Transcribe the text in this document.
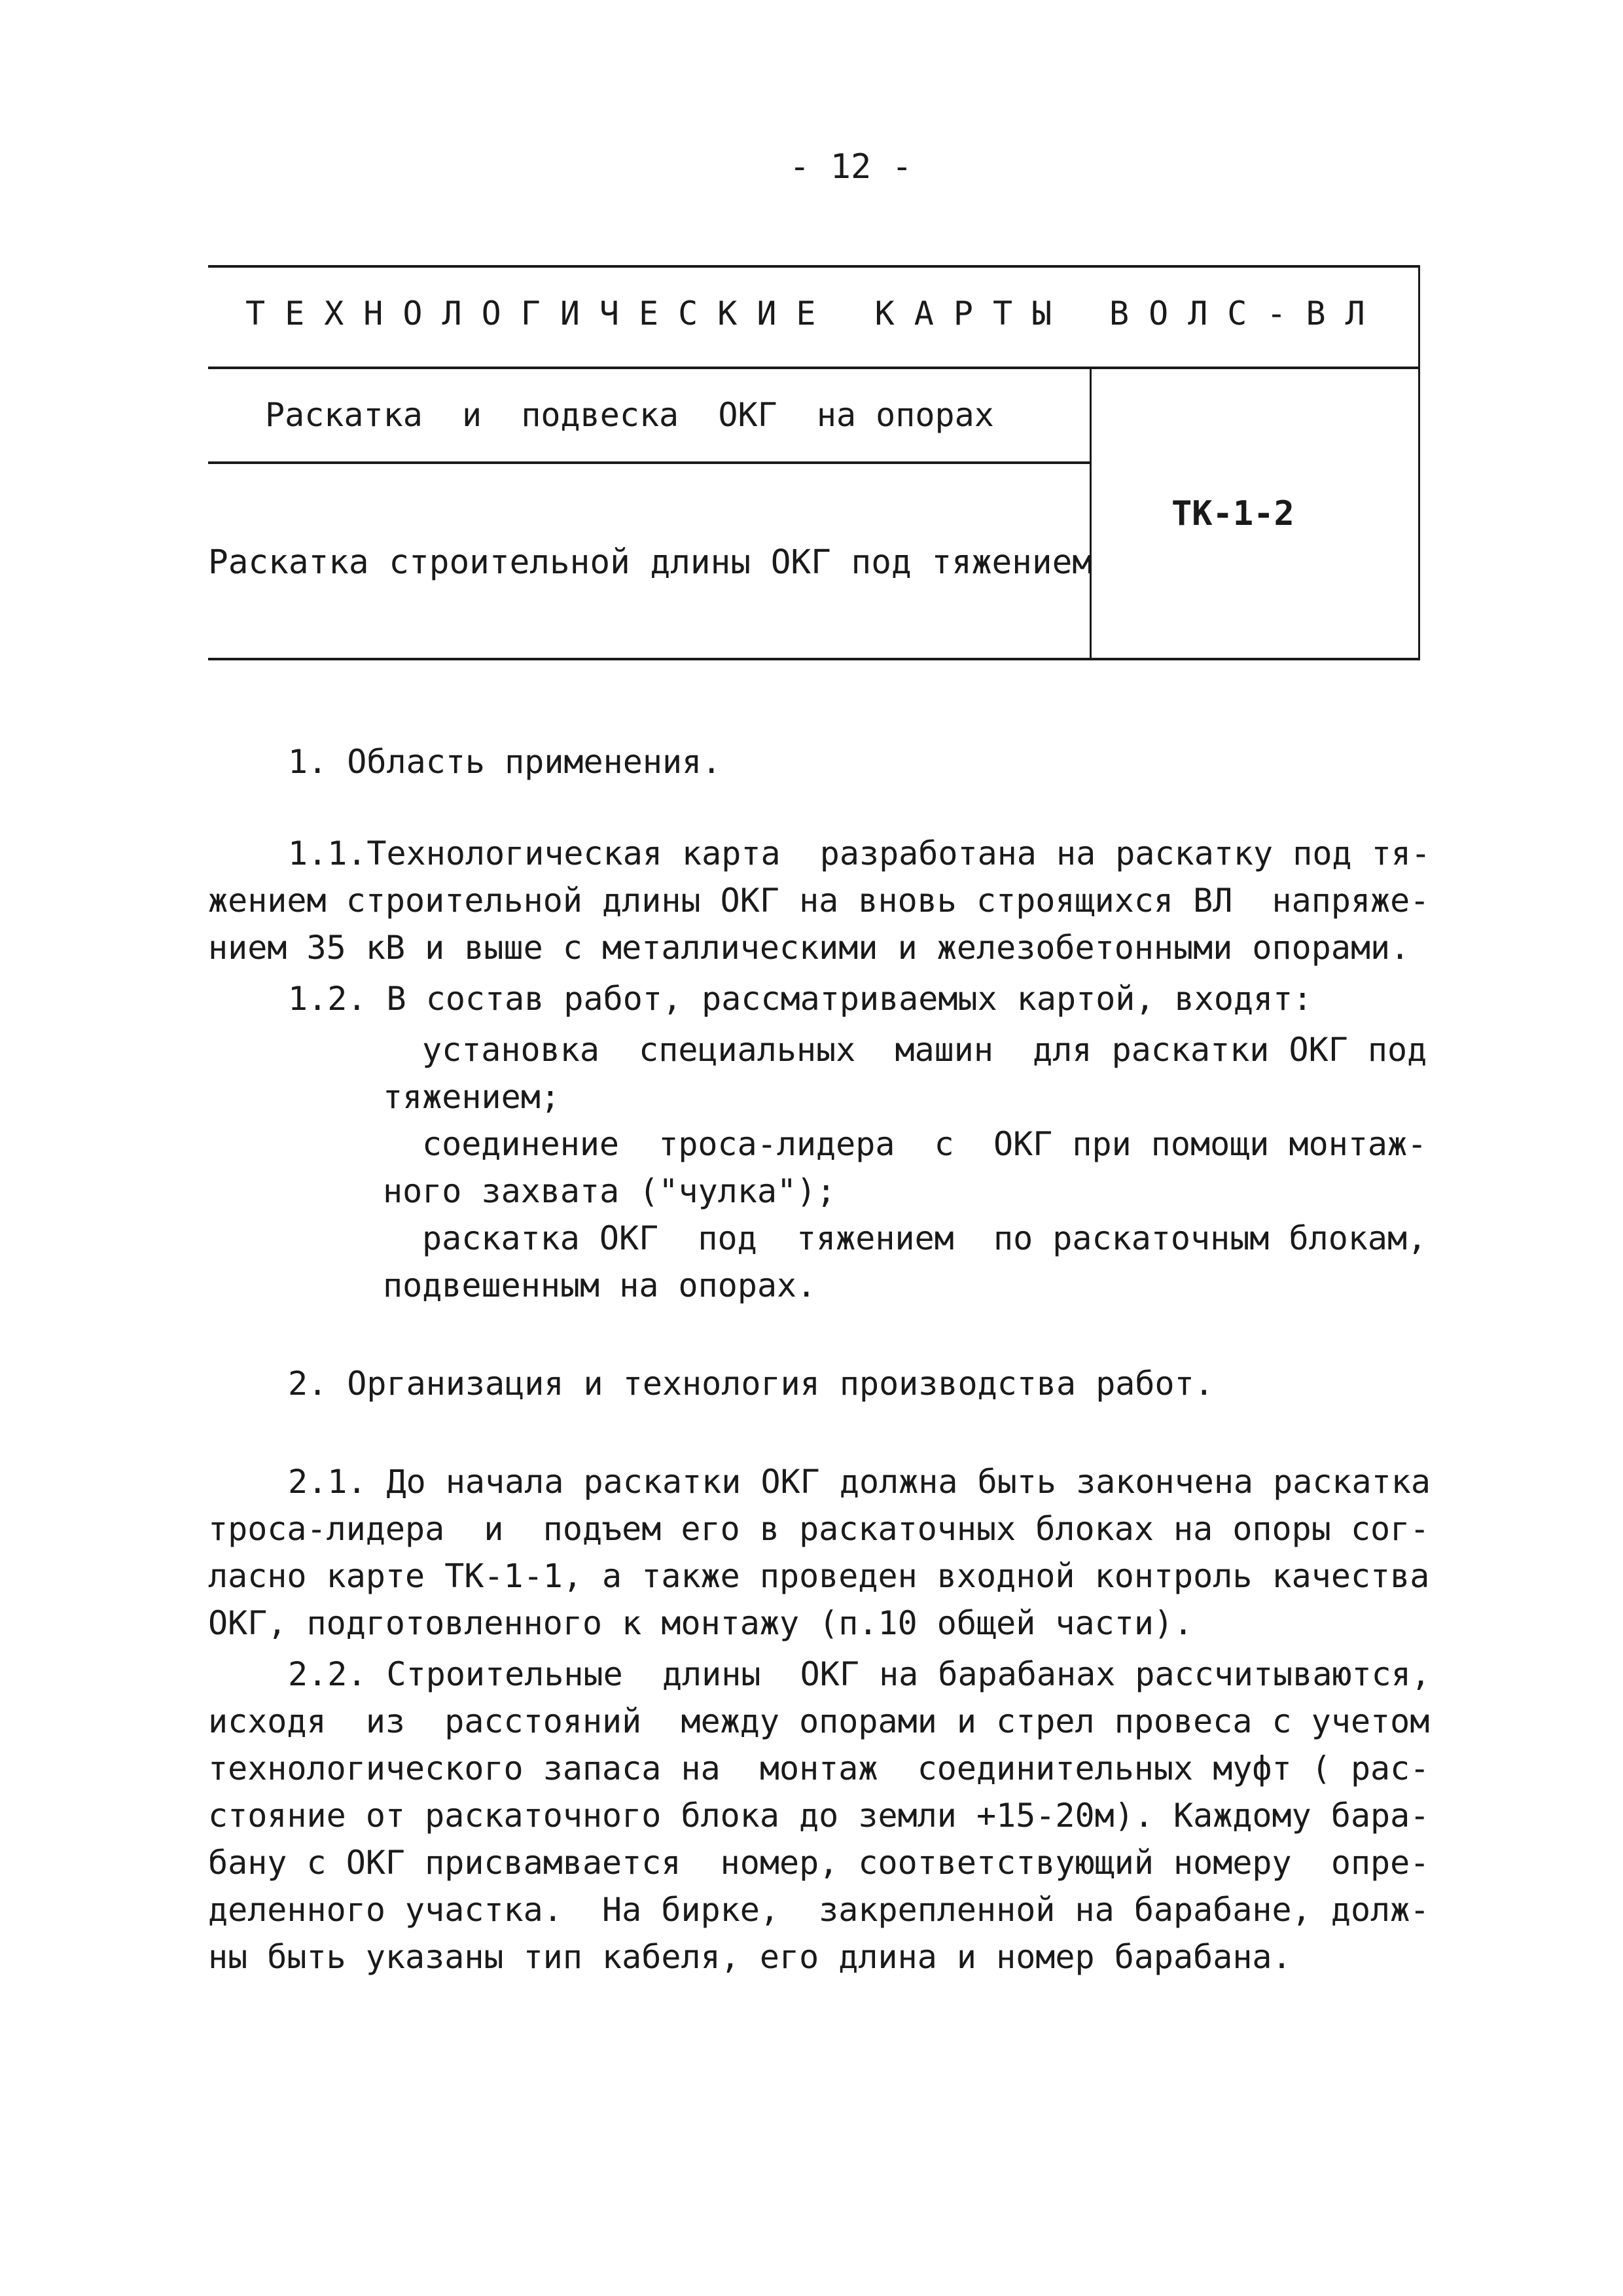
- 12 -
ТЕХНОЛОГИЧЕСКИЕ КАРТЫ ВОЛС-ВЛ
Раскатка  и  подвеска  ОКГ  на опорах
Раскатка строительной длины ОКГ под тяжением
ТК-1-2
1. Область применения.
1.1.Технологическая карта  разработана на раскатку под тя-
жением строительной длины ОКГ на вновь строящихся ВЛ  напряже-
нием 35 кВ и выше с металлическими и железобетонными опорами.
1.2. В состав работ, рассматриваемых картой, входят:
установка  специальных  машин  для раскатки ОКГ под
тяжением;
соединение  троса-лидера  с  ОКГ при помощи монтаж-
ного захвата ("чулка");
раскатка ОКГ  под  тяжением  по раскаточным блокам,
подвешенным на опорах.
2. Организация и технология производства работ.
2.1. До начала раскатки ОКГ должна быть закончена раскатка
троса-лидера  и  подъем его в раскаточных блоках на опоры сог-
ласно карте ТК-1-1, а также проведен входной контроль качества
ОКГ, подготовленного к монтажу (п.10 общей части).
2.2. Строительные  длины  ОКГ на барабанах рассчитываются,
исходя  из  расстояний  между опорами и стрел провеса с учетом
технологического запаса на  монтаж  соединительных муфт ( рас-
стояние от раскаточного блока до земли +15-20м). Каждому бара-
бану с ОКГ присвамвается  номер, соответствующий номеру  опре-
деленного участка.  На бирке,  закрепленной на барабане, долж-
ны быть указаны тип кабеля, его длина и номер барабана.
